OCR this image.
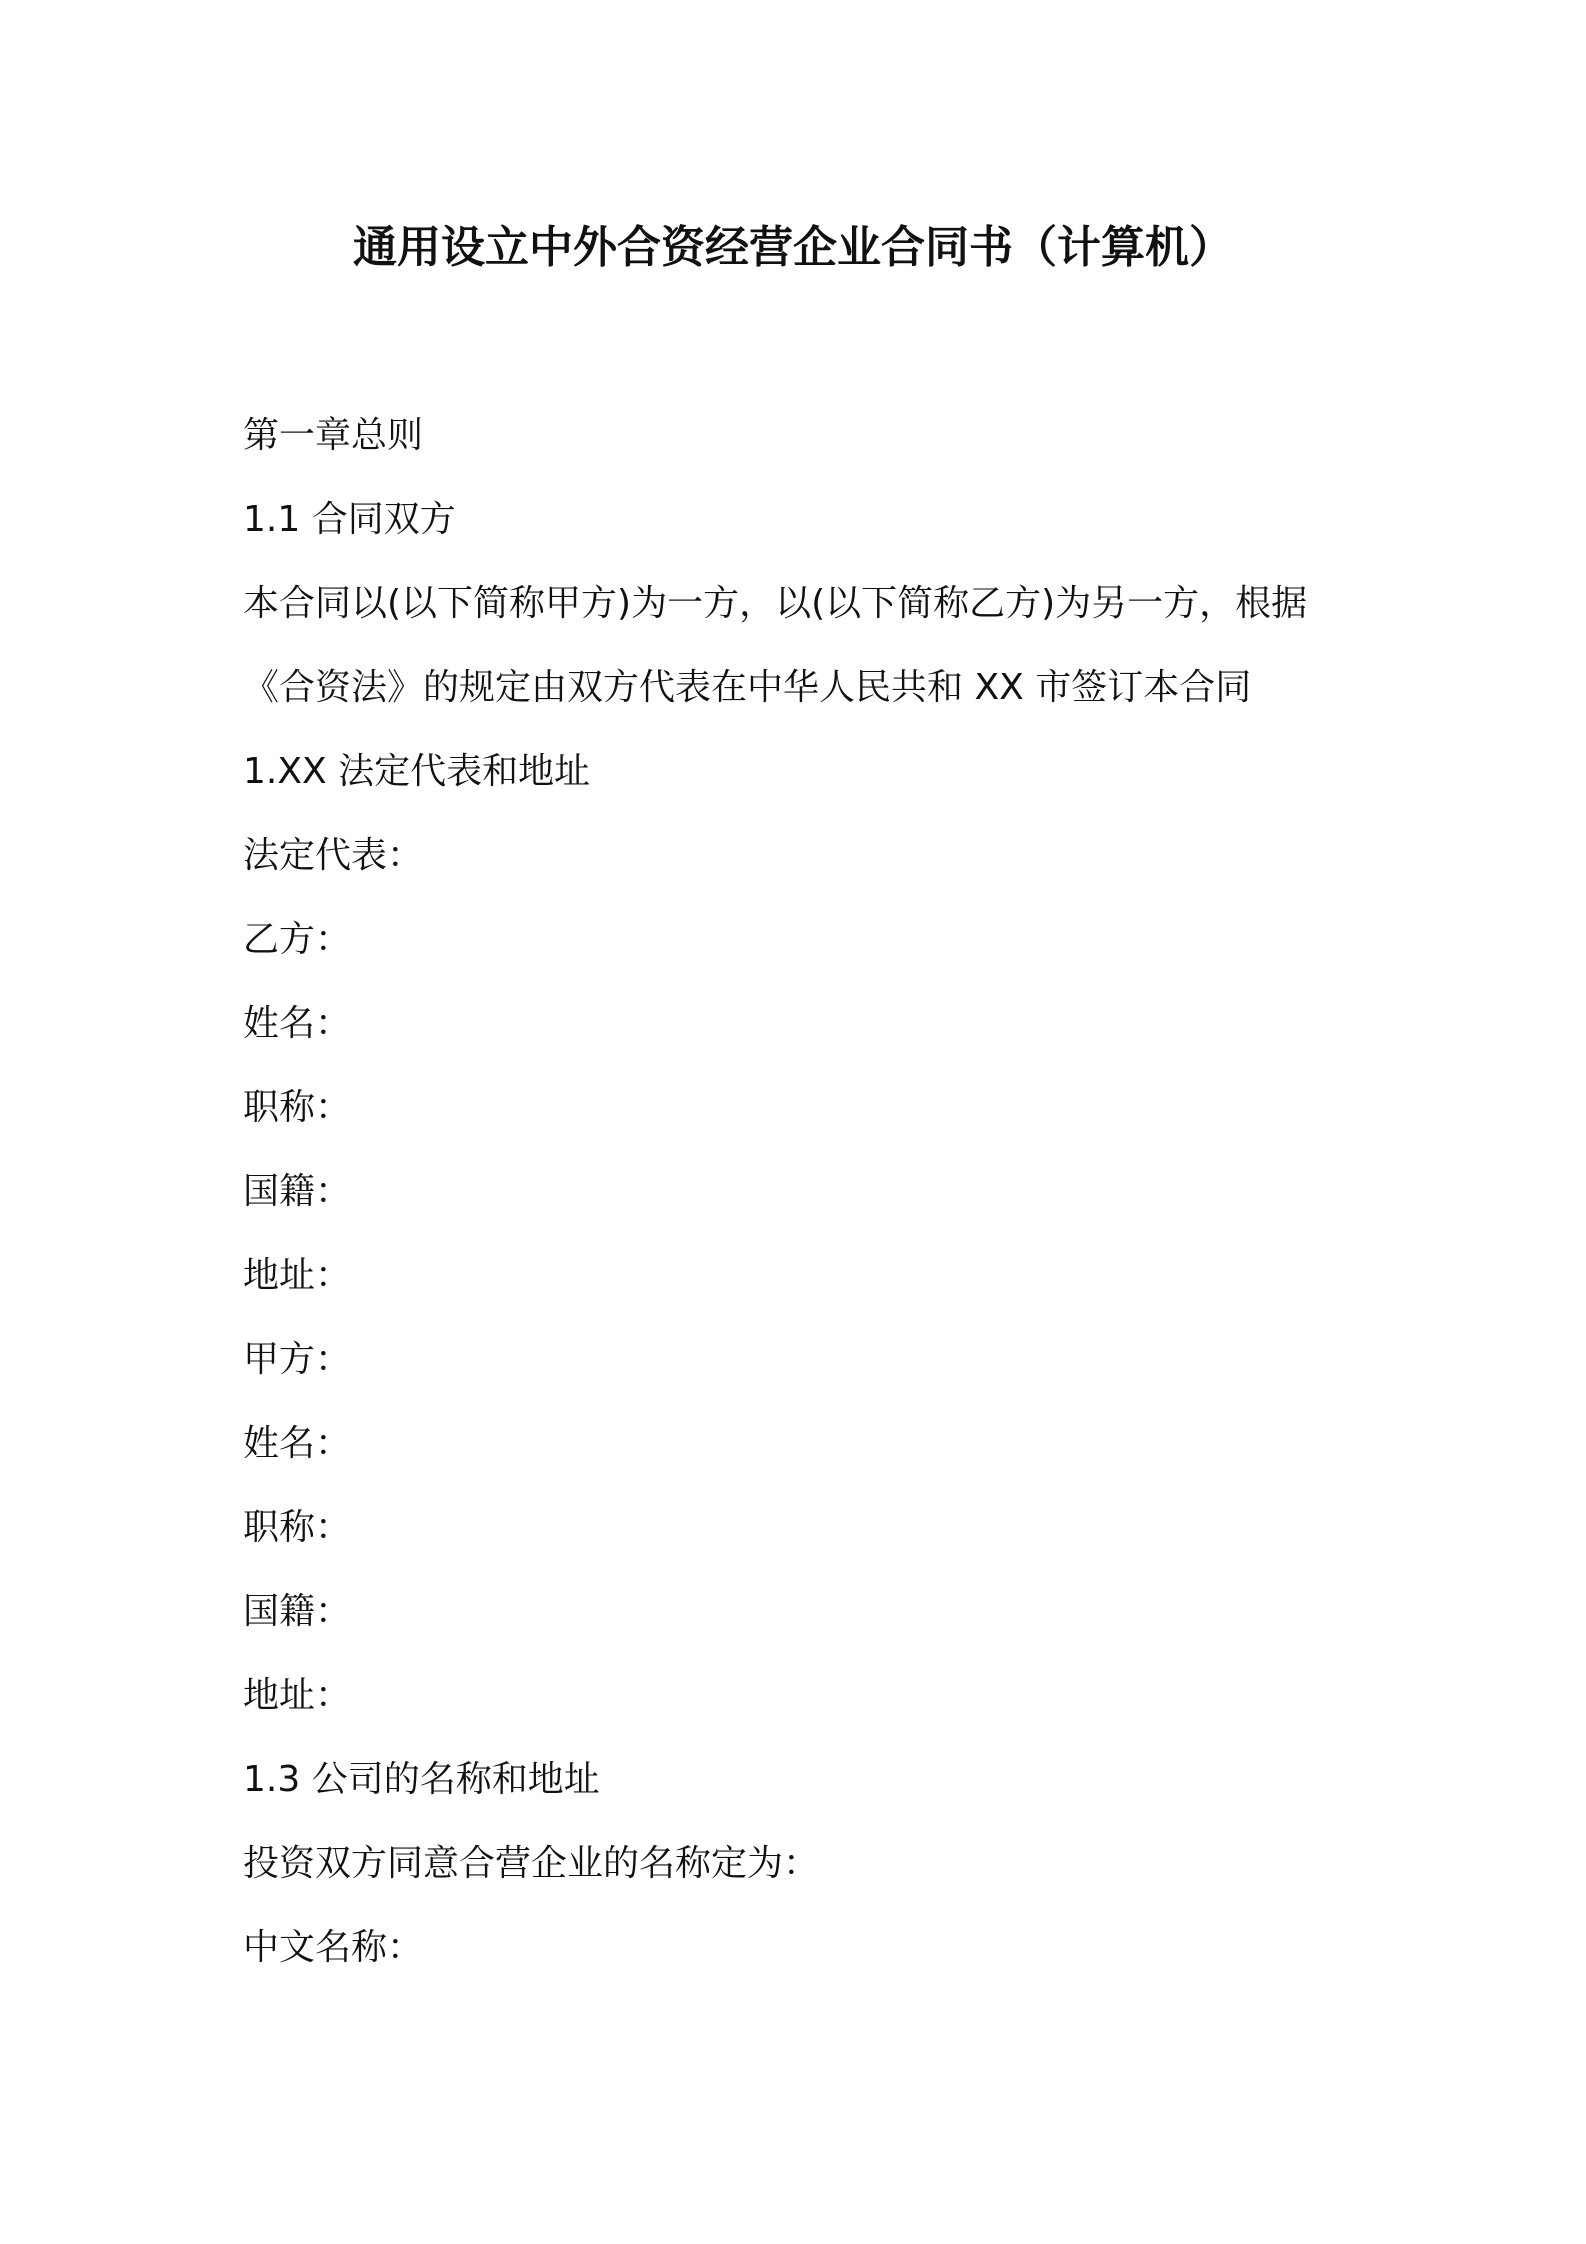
通用设立中外合资经营企业合同书（计算机）
第一章总则
1.1 合同双方
本合同以(以下简称甲方)为一方，以(以下简称乙方)为另一方，根据
《合资法》的规定由双方代表在中华人民共和 XX 市签订本合同
1.XX 法定代表和地址
法定代表：
乙方：
姓名：
职称：
国籍：
地址：
甲方：
姓名：
职称：
国籍：
地址：
1.3 公司的名称和地址
投资双方同意合营企业的名称定为：
中文名称：
